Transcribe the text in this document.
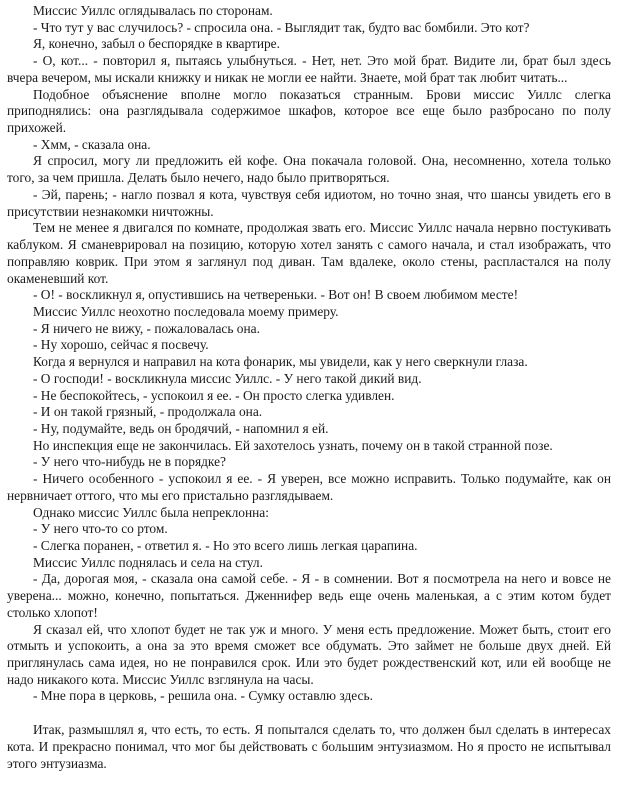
Миссис Уиллс оглядывалась по сторонам.

- Что тут у вас случилось? - спросила она. - Выглядит так, будто вас бомбили. Это кот?

Я, конечно, забыл о беспорядке в квартире.

- О, кот... - повторил я, пытаясь улыбнуться. - Нет, нет. Это мой брат. Видите ли, брат был здесь вчера вечером, мы искали книжку и никак не могли ее найти. Знаете, мой брат так любит читать...

Подобное объяснение вполне могло показаться странным. Брови миссис Уиллс слегка приподнялись: она разглядывала содержимое шкафов, которое все еще было разбросано по полу прихожей.

- Хмм, - сказала она.

Я спросил, могу ли предложить ей кофе. Она покачала головой. Она, несомненно, хотела только того, за чем пришла. Делать было нечего, надо было притворяться.

- Эй, парень; - нагло позвал я кота, чувствуя себя идиотом, но точно зная, что шансы увидеть его в присутствии незнакомки ничтожны.

Тем не менее я двигался по комнате, продолжая звать его. Миссис Уиллс начала нервно постукивать каблуком. Я сманеврировал на позицию, которую хотел занять с самого начала, и стал изображать, что поправляю коврик. При этом я заглянул под диван. Там вдалеке, около стены, распластался на полу окаменевший кот.

- О! - воскликнул я, опустившись на четвереньки. - Вот он! В своем любимом месте!

Миссис Уиллс неохотно последовала моему примеру.

- Я ничего не вижу, - пожаловалась она.

- Ну хорошо, сейчас я посвечу.

Когда я вернулся и направил на кота фонарик, мы увидели, как у него сверкнули глаза.

- О господи! - воскликнула миссис Уиллс. - У него такой дикий вид.

- Не беспокойтесь, - успокоил я ее. - Он просто слегка удивлен.

- И он такой грязный, - продолжала она.

- Ну, подумайте, ведь он бродячий, - напомнил я ей.

Но инспекция еще не закончилась. Ей захотелось узнать, почему он в такой странной позе.

- У него что-нибудь не в порядке?

- Ничего особенного - успокоил я ее. - Я уверен, все можно исправить. Только подумайте, как он нервничает оттого, что мы его пристально разглядываем.

Однако миссис Уиллс была непреклонна:

- У него что-то со ртом.

- Слегка поранен, - ответил я. - Но это всего лишь легкая царапина.

Миссис Уиллс поднялась и села на стул.

- Да, дорогая моя, - сказала она самой себе. - Я - в сомнении. Вот я посмотрела на него и вовсе не уверена... можно, конечно, попытаться. Дженнифер ведь еще очень маленькая, а с этим котом будет столько хлопот!

Я сказал ей, что хлопот будет не так уж и много. У меня есть предложение. Может быть, стоит его отмыть и успокоить, а она за это время сможет все обдумать. Это займет не больше двух дней. Ей приглянулась сама идея, но не понравился срок. Или это будет рождественский кот, или ей вообще не надо никакого кота. Миссис Уиллс взглянула на часы.

- Мне пора в церковь, - решила она. - Сумку оставлю здесь.

Итак, размышлял я, что есть, то есть. Я попытался сделать то, что должен был сделать в интересах кота. И прекрасно понимал, что мог бы действовать с большим энтузиазмом. Но я просто не испытывал этого энтузиазма.
